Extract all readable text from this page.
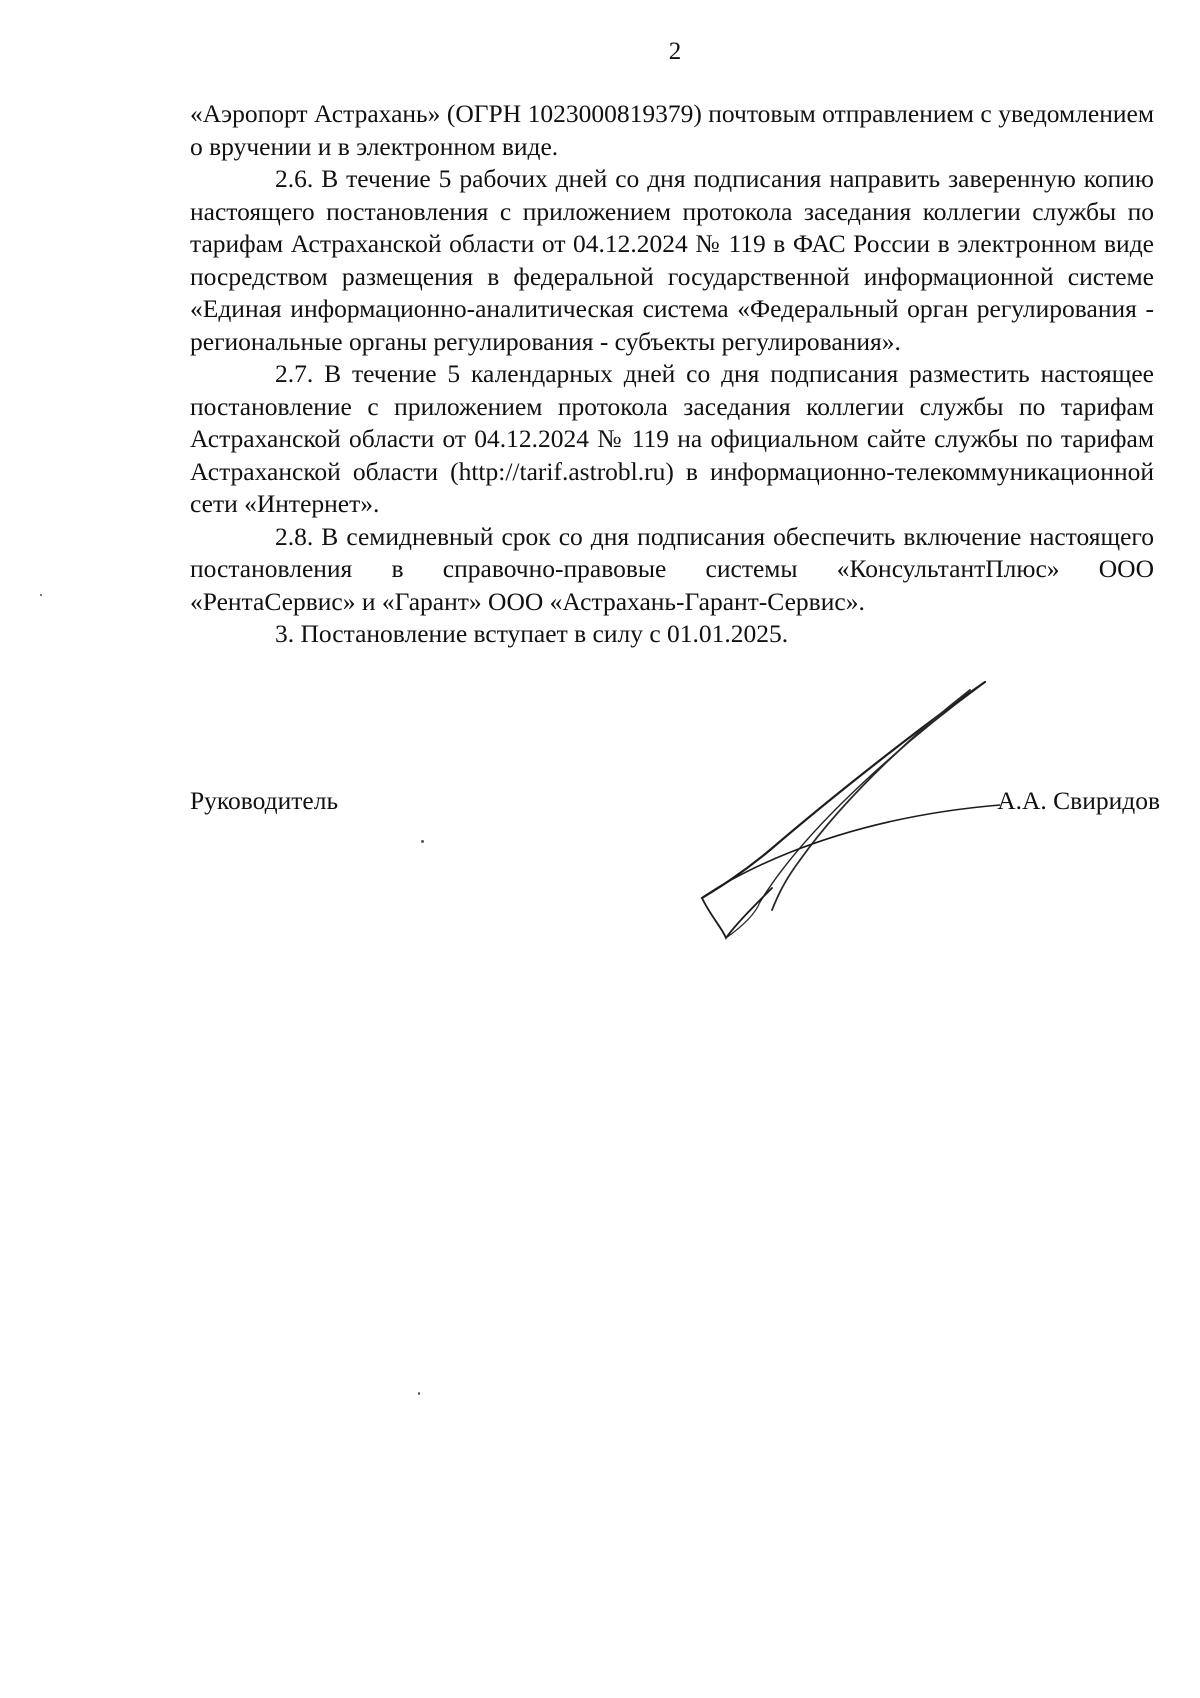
2

«Аэропорт Астрахань» (ОГРН 1023000819379) почтовым отправлением с уведомлением о вручении и в электронном виде.

2.6. В течение 5 рабочих дней со дня подписания направить заверенную копию настоящего постановления с приложением протокола заседания коллегии службы по тарифам Астраханской области от 04.12.2024 № 119 в ФАС России в электронном виде посредством размещения в федеральной государственной информационной системе «Единая информационно-аналитическая система «Федеральный орган регулирования - региональные органы регулирования - субъекты регулирования».

2.7. В течение 5 календарных дней со дня подписания разместить настоящее постановление с приложением протокола заседания коллегии службы по тарифам Астраханской области от 04.12.2024 № 119 на официальном сайте службы по тарифам Астраханской области (http://tarif.astrobl.ru) в информационно-телекоммуникационной сети «Интернет».

2.8. В семидневный срок со дня подписания обеспечить включение настоящего постановления в справочно-правовые системы «КонсультантПлюс» ООО «РентаСервис» и «Гарант» ООО «Астрахань-Гарант-Сервис».

3. Постановление вступает в силу с 01.01.2025.

Руководитель	А.А. Свиридов
